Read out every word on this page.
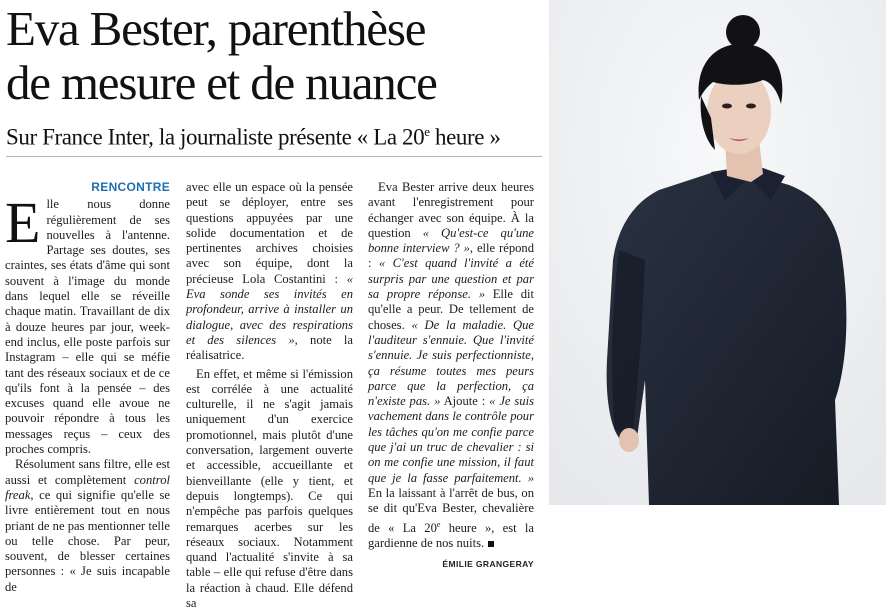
Eva Bester, parenthèse
de mesure et de nuance
Sur France Inter, la journaliste présente « La 20e heure »
RENCONTRE

Elle nous donne régulièrement de ses nouvelles à l'antenne. Partage ses doutes, ses craintes, ses états d'âme qui sont souvent à l'image du monde dans lequel elle se réveille chaque matin. Travaillant de dix à douze heures par jour, week-end inclus, elle poste parfois sur Instagram – elle qui se méfie tant des réseaux sociaux et de ce qu'ils font à la pensée – des excuses quand elle avoue ne pouvoir répondre à tous les messages reçus – ceux des proches compris.

Résolument sans filtre, elle est aussi et complètement control freak, ce qui signifie qu'elle se livre entièrement tout en nous priant de ne pas mentionner telle ou telle chose. Par peur, souvent, de blesser certaines personnes : « Je suis incapable de

avec elle un espace où la pensée peut se déployer, entre ses questions appuyées par une solide documentation et de pertinentes archives choisies avec son équipe, dont la précieuse Lola Costantini : « Eva sonde ses invités en profondeur, arrive à installer un dialogue, avec des respirations et des silences », note la réalisatrice.

En effet, et même si l'émission est corrélée à une actualité culturelle, il ne s'agit jamais uniquement d'un exercice promotionnel, mais plutôt d'une conversation, largement ouverte et accessible, accueillante et bienveillante (elle y tient, et depuis longtemps). Ce qui n'empêche pas parfois quelques remarques acerbes sur les réseaux sociaux. Notamment quand l'actualité s'invite à sa table – elle qui refuse d'être dans la réaction à chaud. Elle défend sa

Eva Bester arrive deux heures avant l'enregistrement pour échanger avec son équipe. À la question « Qu'est-ce qu'une bonne interview ? », elle répond : « C'est quand l'invité a été surpris par une question et par sa propre réponse. » Elle dit qu'elle a peur. De tellement de choses. « De la maladie. Que l'auditeur s'ennuie. Que l'invité s'ennuie. Je suis perfectionniste, ça résume toutes mes peurs parce que la perfection, ça n'existe pas. » Ajoute : « Je suis vachement dans le contrôle pour les tâches qu'on me confie parce que j'ai un truc de chevalier : si on me confie une mission, il faut que je la fasse parfaitement. » En la laissant à l'arrêt de bus, on se dit qu'Eva Bester, chevalière de « La 20e heure », est la gardienne de nos nuits.

ÉMILIE GRANGERAY
